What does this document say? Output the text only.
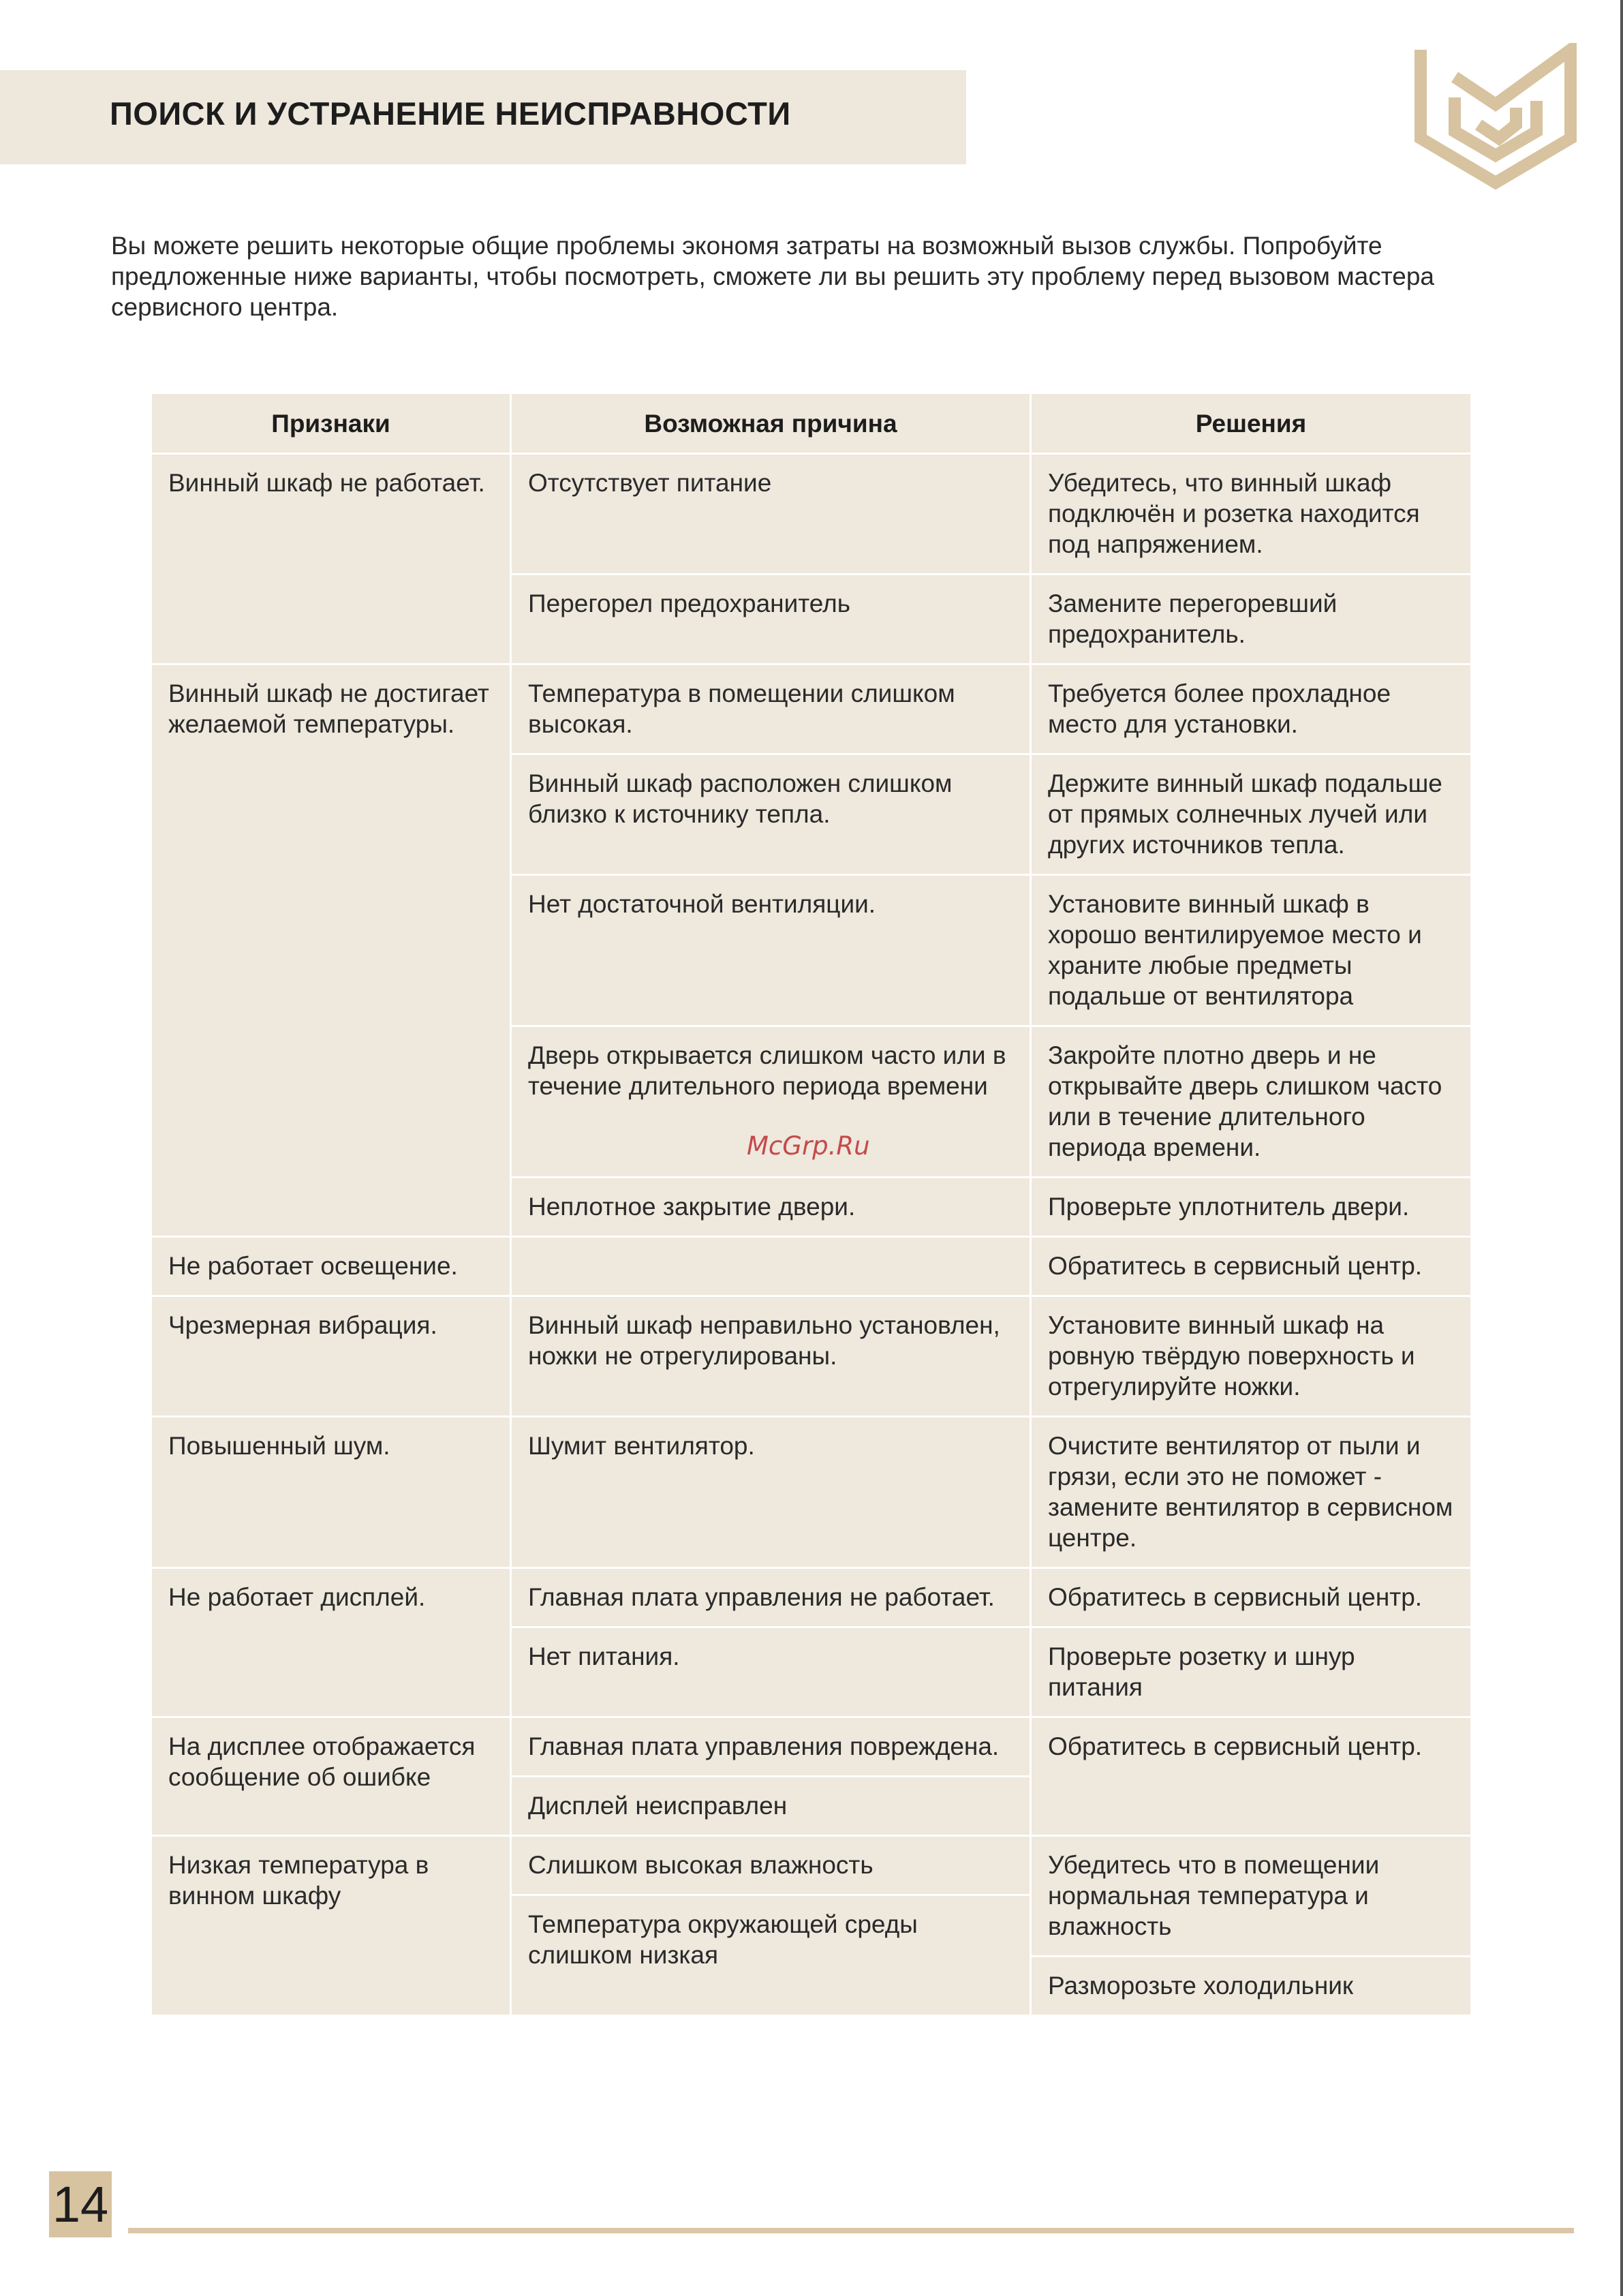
ПОИСК И УСТРАНЕНИЕ НЕИСПРАВНОСТИ

Вы можете решить некоторые общие проблемы экономя затраты на возможный вызов службы. Попробуйте предложенные ниже варианты, чтобы посмотреть, сможете ли вы решить эту проблему перед вызовом мастера сервисного центра.

Признаки	Возможная причина	Решения
Винный шкаф не работает.	Отсутствует питание	Убедитесь, что винный шкаф подключён и розетка находится под напряжением.
	Перегорел предохранитель	Замените перегоревший предохранитель.
Винный шкаф не достигает желаемой температуры.	Температура в помещении слишком высокая.	Требуется более прохладное место для установки.
	Винный шкаф расположен слишком близко к источнику тепла.	Держите винный шкаф подальше от прямых солнечных лучей или других источников тепла.
	Нет достаточной вентиляции.	Установите винный шкаф в хорошо вентилируемое место и храните любые предметы подальше от вентилятора
	Дверь открывается слишком часто или в течение длительного периода времени	Закройте плотно дверь и не открывайте дверь слишком часто или в течение длительного периода времени.
	Неплотное закрытие двери.	Проверьте уплотнитель двери.
Не работает освещение.		Обратитесь в сервисный центр.
Чрезмерная вибрация.	Винный шкаф неправильно установлен, ножки не отрегулированы.	Установите винный шкаф на ровную твёрдую поверхность и отрегулируйте ножки.
Повышенный шум.	Шумит вентилятор.	Очистите вентилятор от пыли и грязи, если это не поможет - замените вентилятор в сервисном центре.
Не работает дисплей.	Главная плата управления не работает.	Обратитесь в сервисный центр.
	Нет питания.	Проверьте розетку и шнур питания
На дисплее отображается сообщение об ошибке	Главная плата управления повреждена.	Обратитесь в сервисный центр.
	Дисплей неисправлен	
Низкая температура в винном шкафу	Слишком высокая влажность	Убедитесь что в помещении нормальная температура и влажность
	Температура окружающей среды слишком низкая	
		Разморозьте холодильник
McGrp.Ru
14
